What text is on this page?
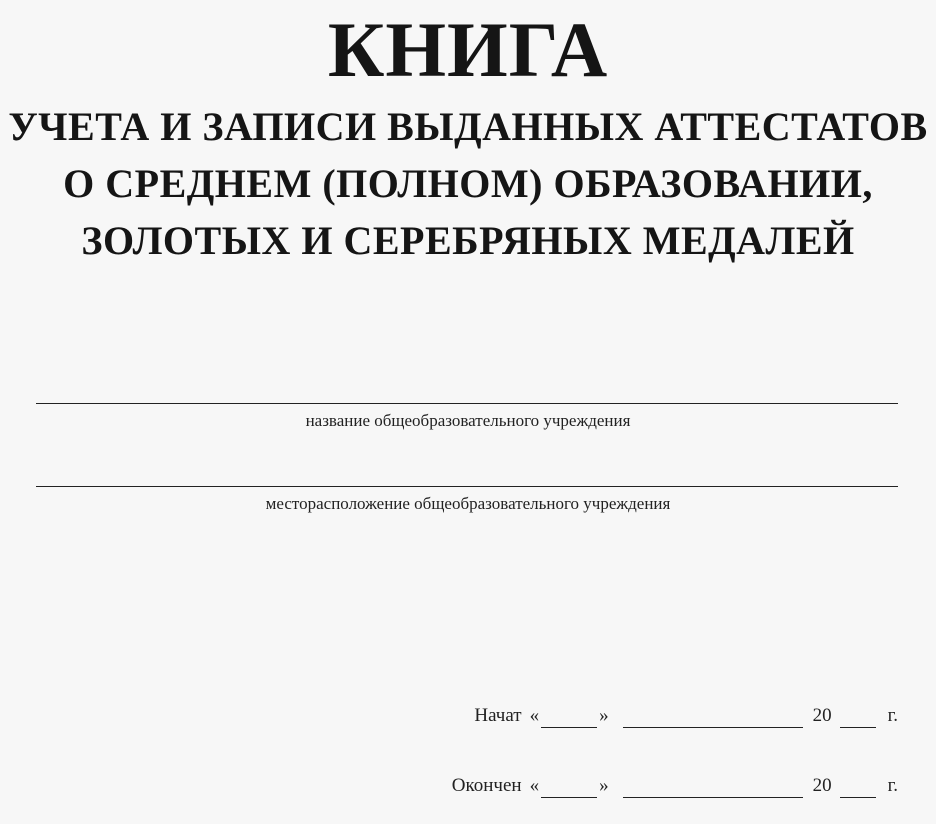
КНИГА
УЧЕТА И ЗАПИСИ ВЫДАННЫХ АТТЕСТАТОВ
О СРЕДНЕМ (ПОЛНОМ) ОБРАЗОВАНИИ,
ЗОЛОТЫХ И СЕРЕБРЯНЫХ МЕДАЛЕЙ
название общеобразовательного учреждения
месторасположение общеобразовательного учреждения
Начат «	»	20	г.
Окончен «	»	20	г.
